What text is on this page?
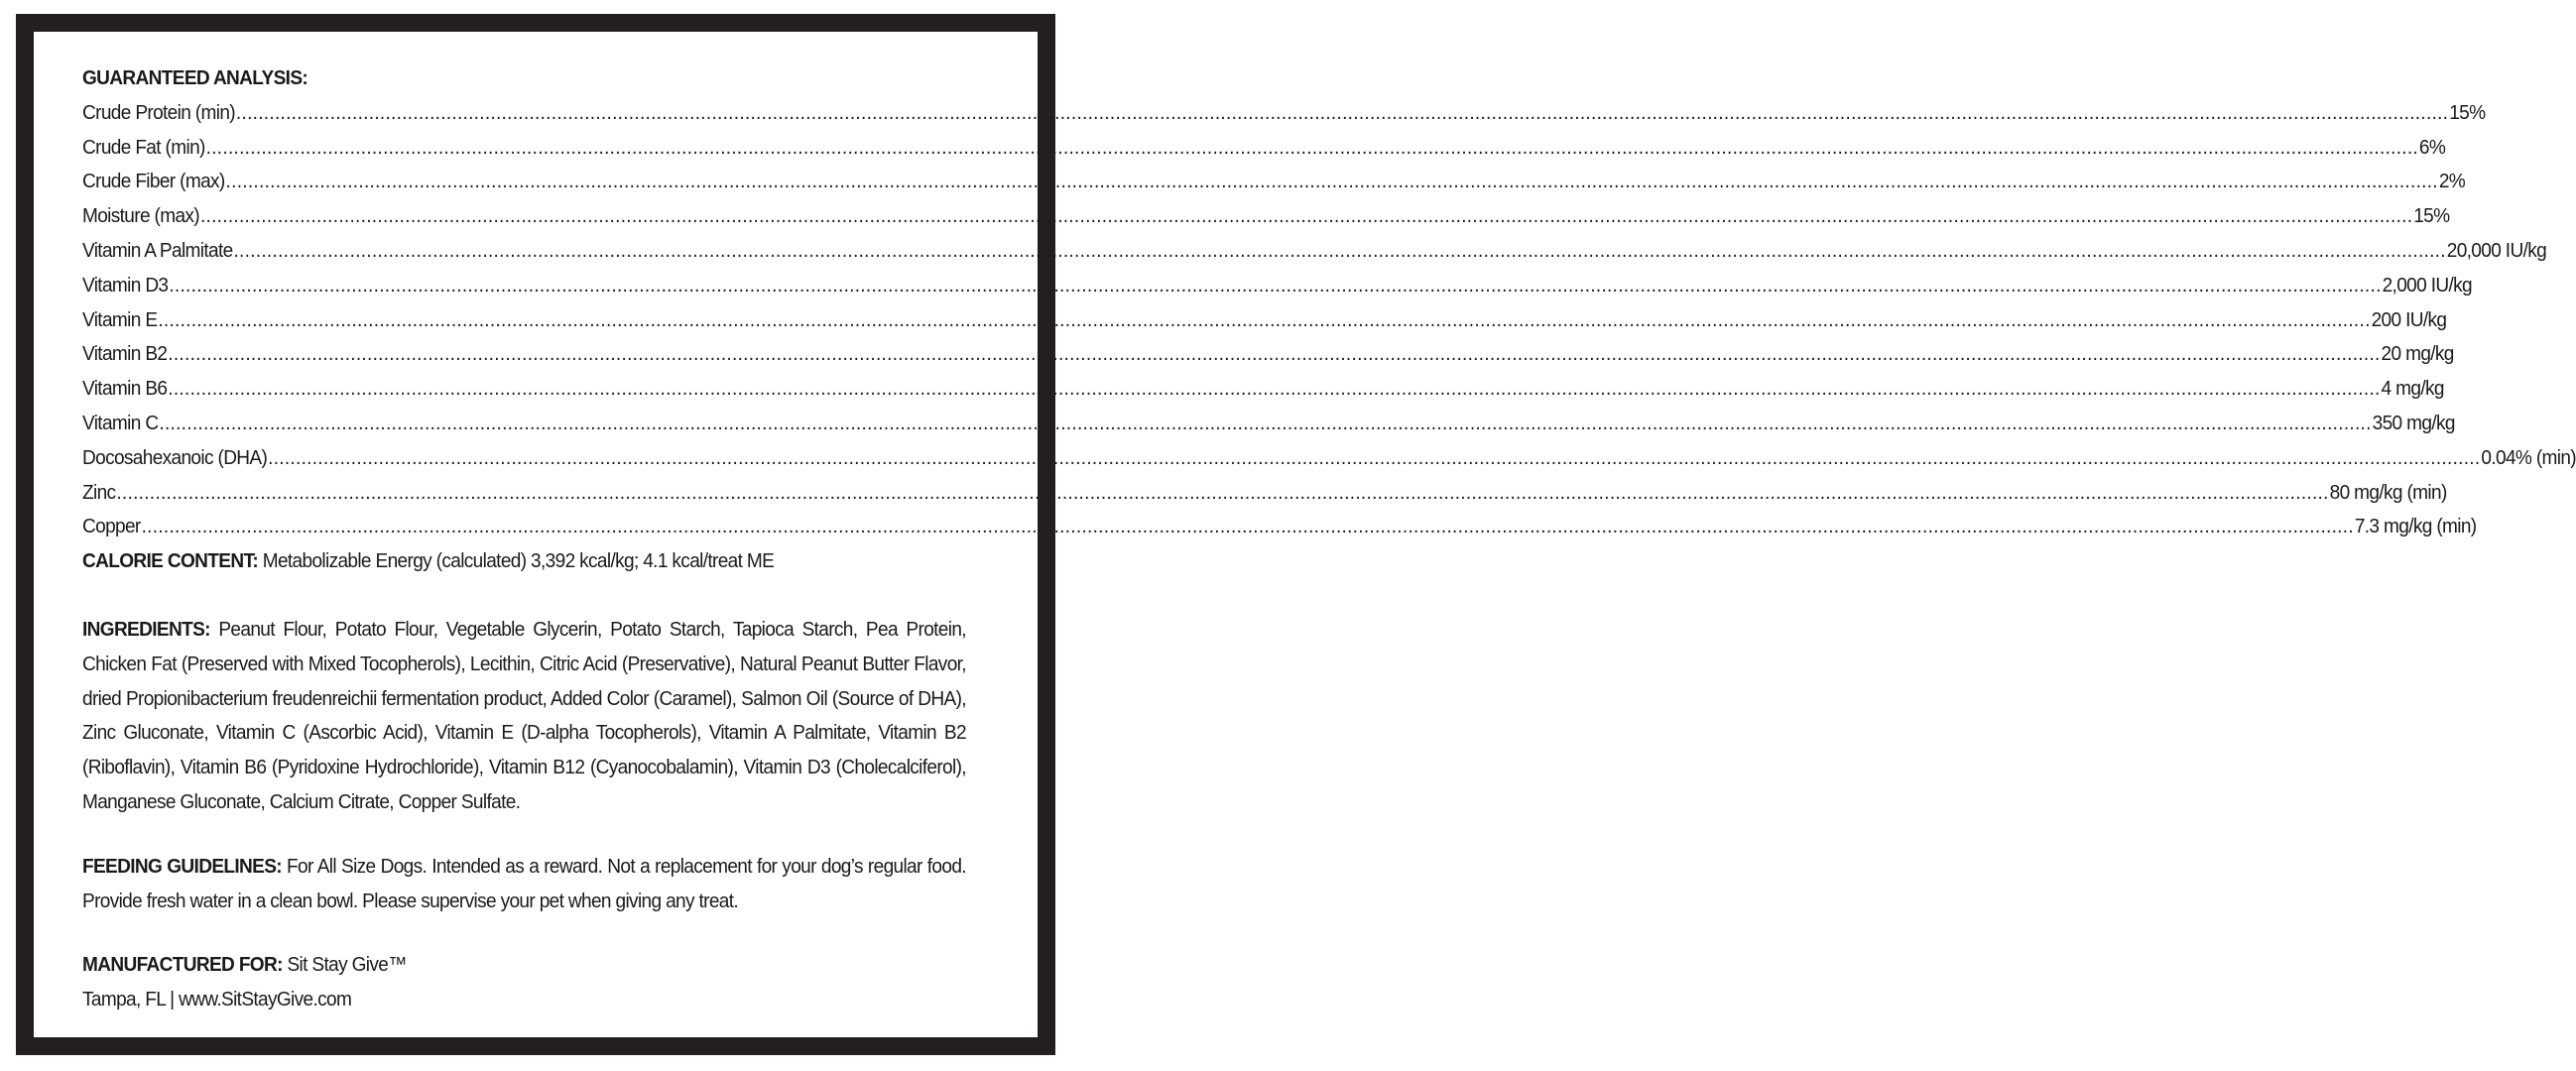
GUARANTEED ANALYSIS:
Crude Protein (min) ................................................................................................................................................................................................................................................................................................................................................................................................................ 15%
Crude Fat (min) ................................................................................................................................................................................................................................................................................................................................................................................................................ 6%
Crude Fiber (max) ................................................................................................................................................................................................................................................................................................................................................................................................................ 2%
Moisture (max) ................................................................................................................................................................................................................................................................................................................................................................................................................ 15%
Vitamin A Palmitate ................................................................................................................................................................................................................................................................................................................................................................................................................ 20,000 IU/kg
Vitamin D3 ................................................................................................................................................................................................................................................................................................................................................................................................................ 2,000 IU/kg
Vitamin E ................................................................................................................................................................................................................................................................................................................................................................................................................ 200 IU/kg
Vitamin B2 ................................................................................................................................................................................................................................................................................................................................................................................................................ 20 mg/kg
Vitamin B6 ................................................................................................................................................................................................................................................................................................................................................................................................................ 4 mg/kg
Vitamin C ................................................................................................................................................................................................................................................................................................................................................................................................................ 350 mg/kg
Docosahexanoic (DHA) ................................................................................................................................................................................................................................................................................................................................................................................................................ 0.04% (min)
Zinc ................................................................................................................................................................................................................................................................................................................................................................................................................ 80 mg/kg (min)
Copper ................................................................................................................................................................................................................................................................................................................................................................................................................ 7.3 mg/kg (min)
CALORIE CONTENT: Metabolizable Energy (calculated) 3,392 kcal/kg; 4.1 kcal/treat ME

INGREDIENTS: Peanut Flour, Potato Flour, Vegetable Glycerin, Potato Starch, Tapioca Starch, Pea Protein, Chicken Fat (Preserved with Mixed Tocopherols), Lecithin, Citric Acid (Preservative), Natural Peanut Butter Flavor, dried Propionibacterium freudenreichii fermentation product, Added Color (Caramel), Salmon Oil (Source of DHA), Zinc Gluconate, Vitamin C (Ascorbic Acid), Vitamin E (D-alpha Tocopherols), Vitamin A Palmitate, Vitamin B2 (Riboflavin), Vitamin B6 (Pyridoxine Hydrochloride), Vitamin B12 (Cyanocobalamin), Vitamin D3 (Cholecalciferol), Manganese Gluconate, Calcium Citrate, Copper Sulfate.

FEEDING GUIDELINES: For All Size Dogs. Intended as a reward. Not a replacement for your dog’s regular food. Provide fresh water in a clean bowl. Please supervise your pet when giving any treat.

MANUFACTURED FOR: Sit Stay Give™
Tampa, FL | www.SitStayGive.com
